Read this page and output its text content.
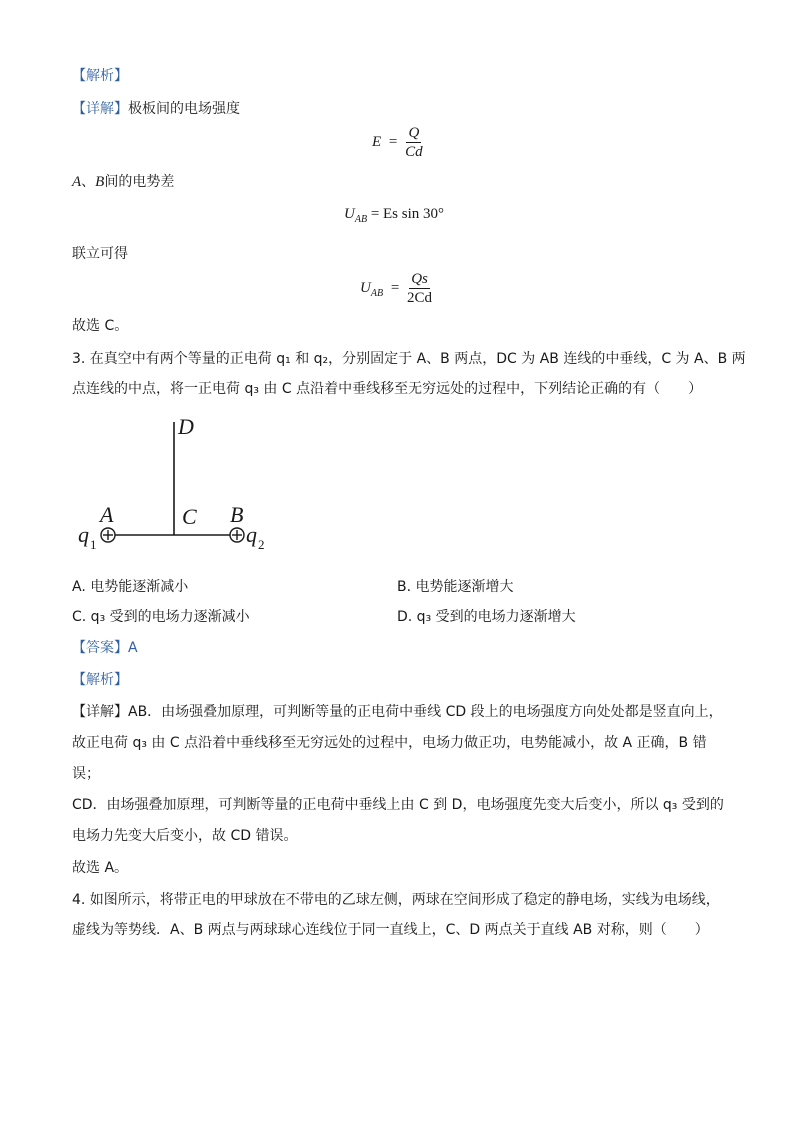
【解析】
【详解】极板间的电场强度
$E = \frac{Q}{Cd}$
A、B间的电势差
$U_{AB} = Es$ sin 30°
联立可得
$U_{AB} = \frac{Qs}{2Cd}$
故选 C。
3. 在真空中有两个等量的正电荷 q₁ 和 q₂，分别固定于 A、B 两点，DC 为 AB 连线的中垂线，C 为 A、B 两
点连线的中点，将一正电荷 q₃ 由 C 点沿着中垂线移至无穷远处的过程中，下列结论正确的有（　　）
D
C
A	B
q 1	q 2
A. 电势能逐渐减小	B. 电势能逐渐增大
C. q₃ 受到的电场力逐渐减小	D. q₃ 受到的电场力逐渐增大
【答案】A
【解析】
【详解】AB．由场强叠加原理，可判断等量的正电荷中垂线 CD 段上的电场强度方向处处都是竖直向上，
故正电荷 q₃ 由 C 点沿着中垂线移至无穷远处的过程中，电场力做正功，电势能减小，故 A 正确，B 错
误；
CD．由场强叠加原理，可判断等量的正电荷中垂线上由 C 到 D，电场强度先变大后变小，所以 q₃ 受到的
电场力先变大后变小，故 CD 错误。
故选 A。
4. 如图所示，将带正电的甲球放在不带电的乙球左侧，两球在空间形成了稳定的静电场，实线为电场线，
虚线为等势线．A、B 两点与两球球心连线位于同一直线上，C、D 两点关于直线 AB 对称，则（　　）
